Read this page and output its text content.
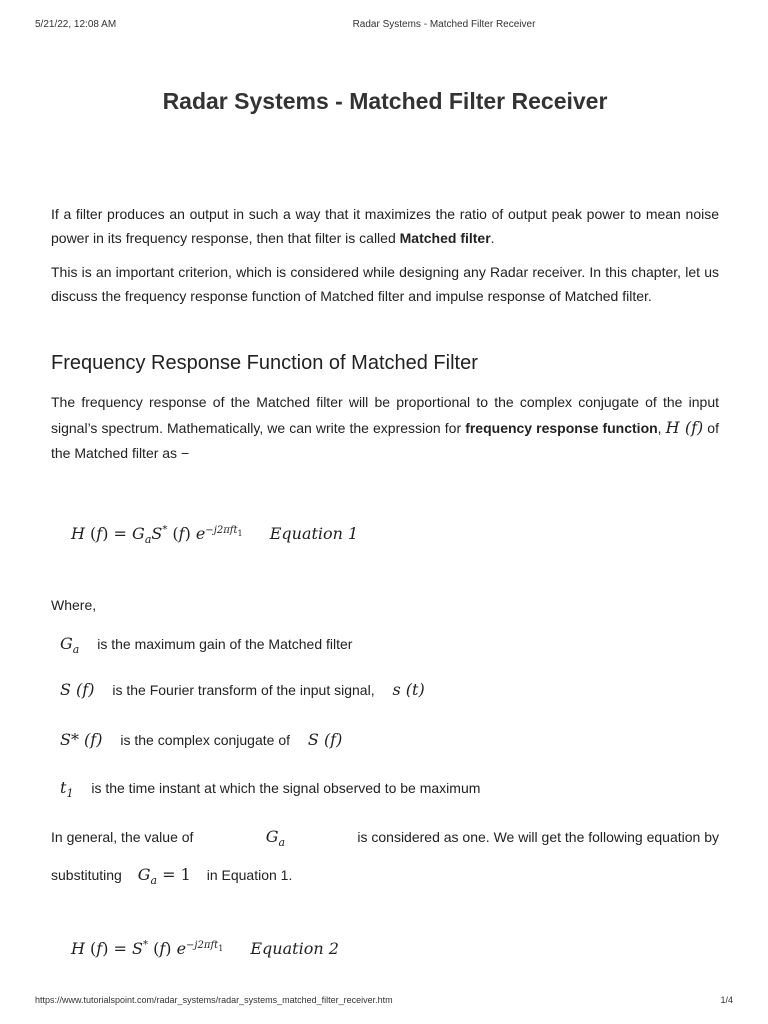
5/21/22, 12:08 AM	Radar Systems - Matched Filter Receiver
Radar Systems - Matched Filter Receiver

If a filter produces an output in such a way that it maximizes the ratio of output peak power to mean noise power in its frequency response, then that filter is called Matched filter.

This is an important criterion, which is considered while designing any Radar receiver. In this chapter, let us discuss the frequency response function of Matched filter and impulse response of Matched filter.

Frequency Response Function of Matched Filter

The frequency response of the Matched filter will be proportional to the complex conjugate of the input signal’s spectrum. Mathematically, we can write the expression for frequency response function, H (f) of the Matched filter as −

H $(f) = G_aS^*$ (f) $e^{-j2\pi ft_1}$ Equation 1
Where,
$G_a$ is the maximum gain of the Matched filter
S (f) is the Fourier transform of the input signal, s (t)
S* (f) is the complex conjugate of S (f)
$t_1$ is the time instant at which the signal observed to be maximum
In general, the value of	$G_a$	is considered as one. We will get the following equation by
substituting $G_a = 1$ in Equation 1.
H (f) = S* (f) $e^{-j2\pi ft_1}$ Equation 2
https://www.tutorialspoint.com/radar_systems/radar_systems_matched_filter_receiver.htm	1/4
